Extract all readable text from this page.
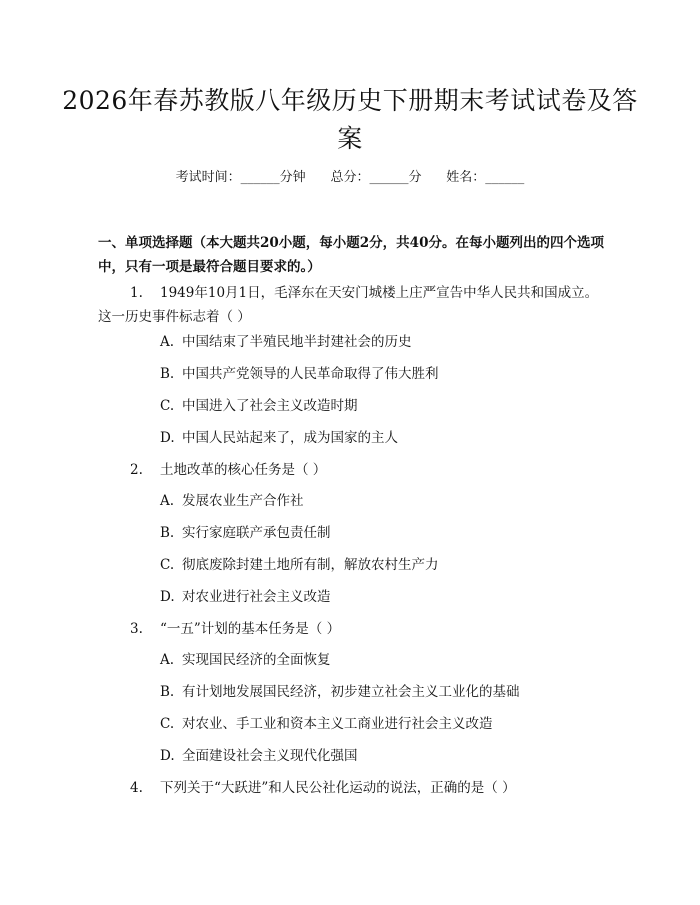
2026年春苏教版八年级历史下册期末考试试卷及答案
考试时间：______分钟 总分：______分 姓名：______
一、单项选择题（本大题共20小题，每小题2分，共40分。在每小题列出的四个选项中，只有一项是最符合题目要求的。）
1. 1949年10月1日，毛泽东在天安门城楼上庄严宣告中华人民共和国成立。这一历史事件标志着（ ）
A. 中国结束了半殖民地半封建社会的历史
B. 中国共产党领导的人民革命取得了伟大胜利
C. 中国进入了社会主义改造时期
D. 中国人民站起来了，成为国家的主人
2. 土地改革的核心任务是（ ）
A. 发展农业生产合作社
B. 实行家庭联产承包责任制
C. 彻底废除封建土地所有制，解放农村生产力
D. 对农业进行社会主义改造
3. “一五”计划的基本任务是（ ）
A. 实现国民经济的全面恢复
B. 有计划地发展国民经济，初步建立社会主义工业化的基础
C. 对农业、手工业和资本主义工商业进行社会主义改造
D. 全面建设社会主义现代化强国
4. 下列关于“大跃进”和人民公社化运动的说法，正确的是（ ）
